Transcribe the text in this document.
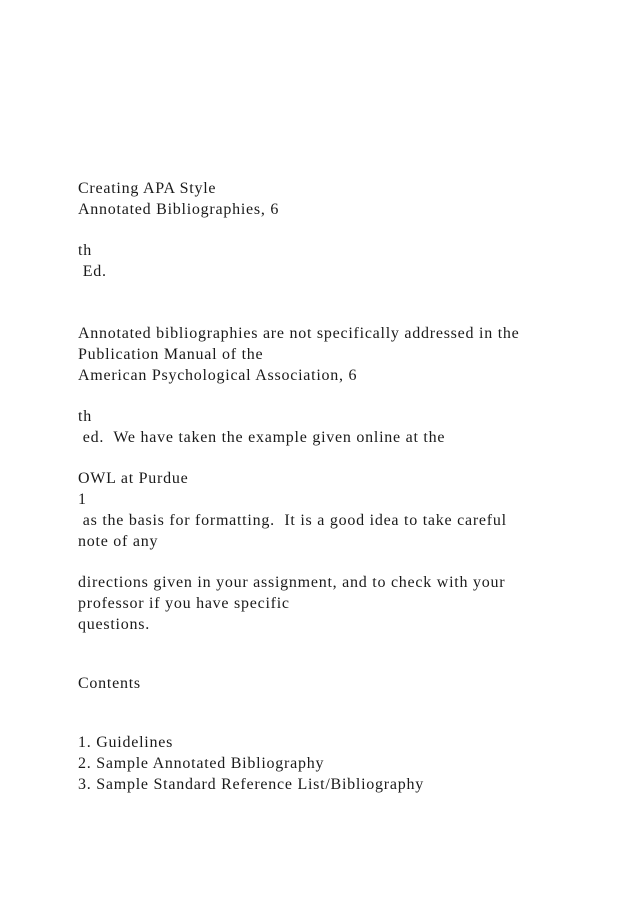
Creating APA Style

Annotated Bibliographies, 6

th

Ed.

Annotated bibliographies are not specifically addressed in the

Publication Manual of the

American Psychological Association, 6

th

ed.  We have taken the example given online at the

OWL at Purdue

1

as the basis for formatting.  It is a good idea to take careful

note of any

directions given in your assignment, and to check with your

professor if you have specific

questions.

Contents

1. Guidelines

2. Sample Annotated Bibliography

3. Sample Standard Reference List/Bibliography
